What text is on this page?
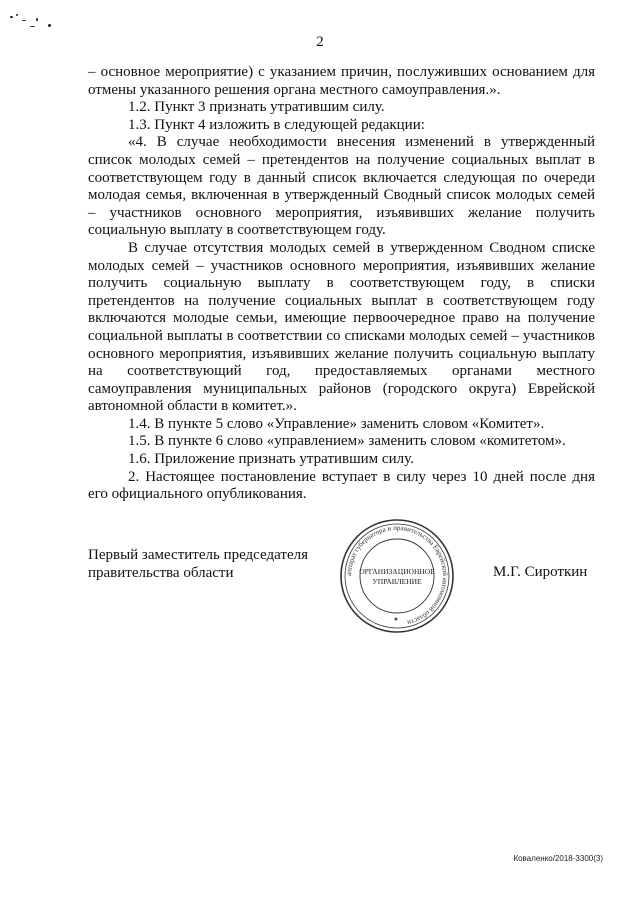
2

– основное мероприятие) с указанием причин, послуживших основанием для отмены указанного решения органа местного самоуправления.».

1.2. Пункт 3 признать утратившим силу.

1.3. Пункт 4 изложить в следующей редакции:

«4. В случае необходимости внесения изменений в утвержденный список молодых семей – претендентов на получение социальных выплат в соответствующем году в данный список включается следующая по очереди молодая семья, включенная в утвержденный Сводный список молодых семей – участников основного мероприятия, изъявивших желание получить социальную выплату в соответствующем году.

В случае отсутствия молодых семей в утвержденном Сводном списке молодых семей – участников основного мероприятия, изъявивших желание получить социальную выплату в соответствующем году, в списки претендентов на получение социальных выплат в соответствующем году включаются молодые семьи, имеющие первоочередное право на получение социальной выплаты в соответствии со списками молодых семей – участников основного мероприятия, изъявивших желание получить социальную выплату на соответствующий год, предоставляемых органами местного самоуправления муниципальных районов (городского округа) Еврейской автономной области в комитет.».

1.4. В пункте 5 слово «Управление» заменить словом «Комитет».

1.5. В пункте 6 слово «управлением» заменить словом «комитетом».

1.6. Приложение признать утратившим силу.

2. Настоящее постановление вступает в силу через 10 дней после дня его официального опубликования.

Первый заместитель председателя
правительства области	аппарат губернатора и правительства Еврейской автономной области
ОРГАНИЗАЦИОННОЕ
УПРАВЛЕНИЕ
★
М.Г. Сироткин
Коваленко/2018-3300(3)
